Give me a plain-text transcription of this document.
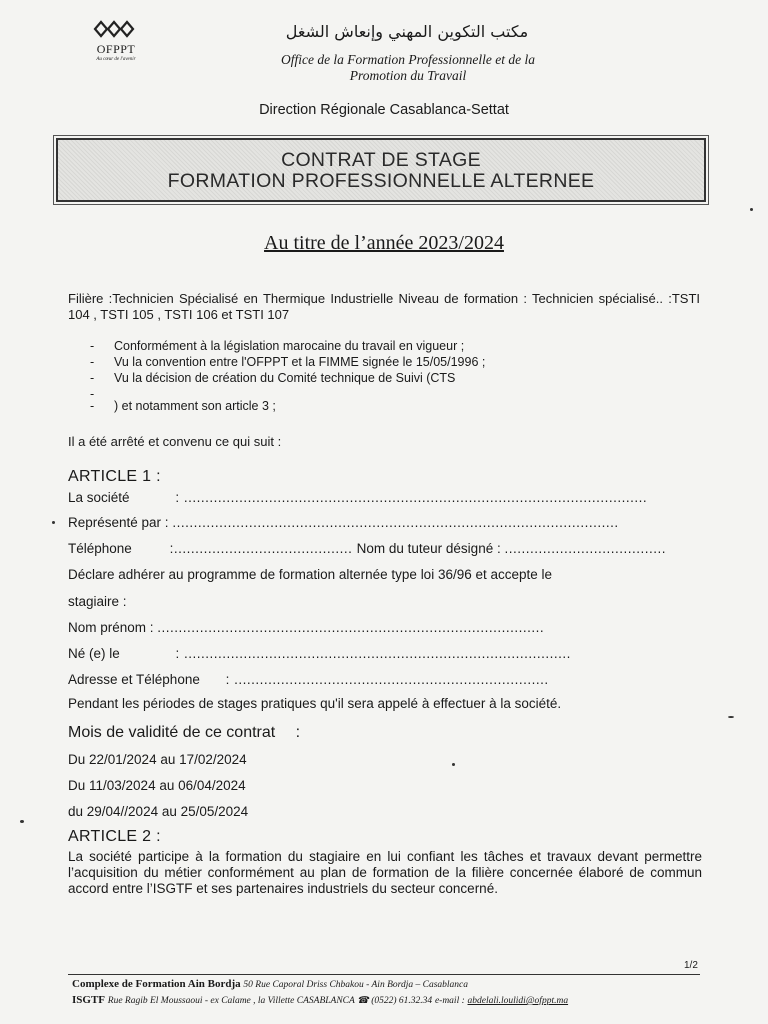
OFPPT
Au cœur de l'avenir
مكتب التكوين المهني وإنعاش الشغل
Office de la Formation Professionnelle et de la
Promotion du Travail
Direction Régionale Casablanca-Settat
CONTRAT DE STAGE
FORMATION PROFESSIONNELLE ALTERNEE
Au titre de l’année 2023/2024
Filière :Technicien Spécialisé en Thermique Industrielle Niveau de formation : Technicien spécialisé.. :TSTI 104 , TSTI 105 , TSTI 106 et TSTI 107
- Conformément à la législation marocaine du travail en vigueur ;
- Vu la convention entre l'OFPPT et la FIMME signée le 15/05/1996 ;
- Vu la décision de création du Comité technique de Suivi (CTS
-
- ) et notamment son article 3 ;
Il a été arrêté et convenu ce qui suit :
ARTICLE 1 :
La société	: .............................................................................................................
Représenté par : .........................................................................................................
Téléphone	:.......................................... Nom du tuteur désigné : ......................................
Déclare adhérer au programme de formation alternée type loi 36/96 et accepte le
stagiaire :
Nom prénom : ...........................................................................................
Né (e) le	: ...........................................................................................
Adresse et Téléphone : ..........................................................................
Pendant les périodes de stages pratiques qu'il sera appelé à effectuer à la société.
Mois de validité de ce contrat :
Du 22/01/2024 au 17/02/2024
Du 11/03/2024 au 06/04/2024
du 29/04//2024 au 25/05/2024
ARTICLE 2 :
La société participe à la formation du stagiaire en lui confiant les tâches et travaux devant permettre l’acquisition du métier conformément au plan de formation de la filière concernée élaboré de commun accord entre l’ISGTF et ses partenaires industriels du secteur concerné.
1/2
Complexe de Formation Ain Bordja 50 Rue Caporal Driss Chbakou - Ain Bordja – Casablanca
ISGTF Rue Ragib El Moussaoui - ex Calame , la Villette CASABLANCA ☎ (0522) 61.32.34 e-mail : abdelali.loulidi@ofppt.ma
